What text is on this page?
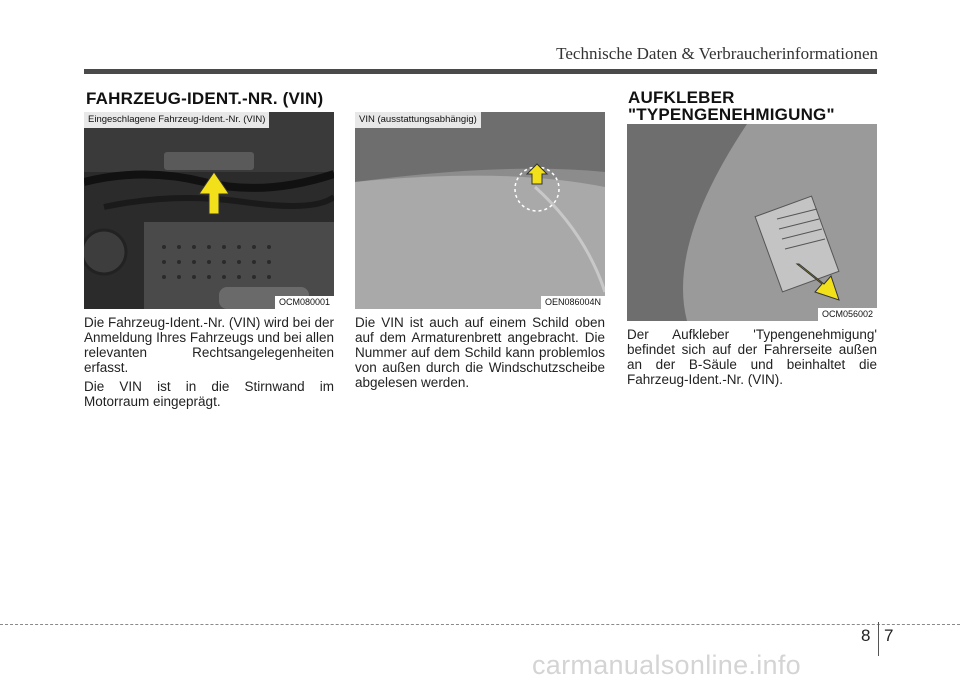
Technische Daten & Verbraucherinformationen
FAHRZEUG-IDENT.-NR. (VIN)
Eingeschlagene Fahrzeug-Ident.-Nr. (VIN)
OCM080001
VIN (ausstattungsabhängig)
OEN086004N
AUFKLEBER
"TYPENGENEHMIGUNG"
OCM056002

Die Fahrzeug-Ident.-Nr. (VIN) wird bei der Anmeldung Ihres Fahrzeugs und bei allen relevanten Rechtsangelegenheiten erfasst.

Die VIN ist in die Stirnwand im Motorraum eingeprägt.

Die VIN ist auch auf einem Schild oben auf dem Armaturenbrett angebracht. Die Nummer auf dem Schild kann problemlos von außen durch die Windschutzscheibe abgelesen werden.

Der Aufkleber 'Typengenehmigung' befindet sich auf der Fahrerseite außen an der B-Säule und beinhaltet die Fahrzeug-Ident.-Nr. (VIN).

8 7
carmanualsonline.info
